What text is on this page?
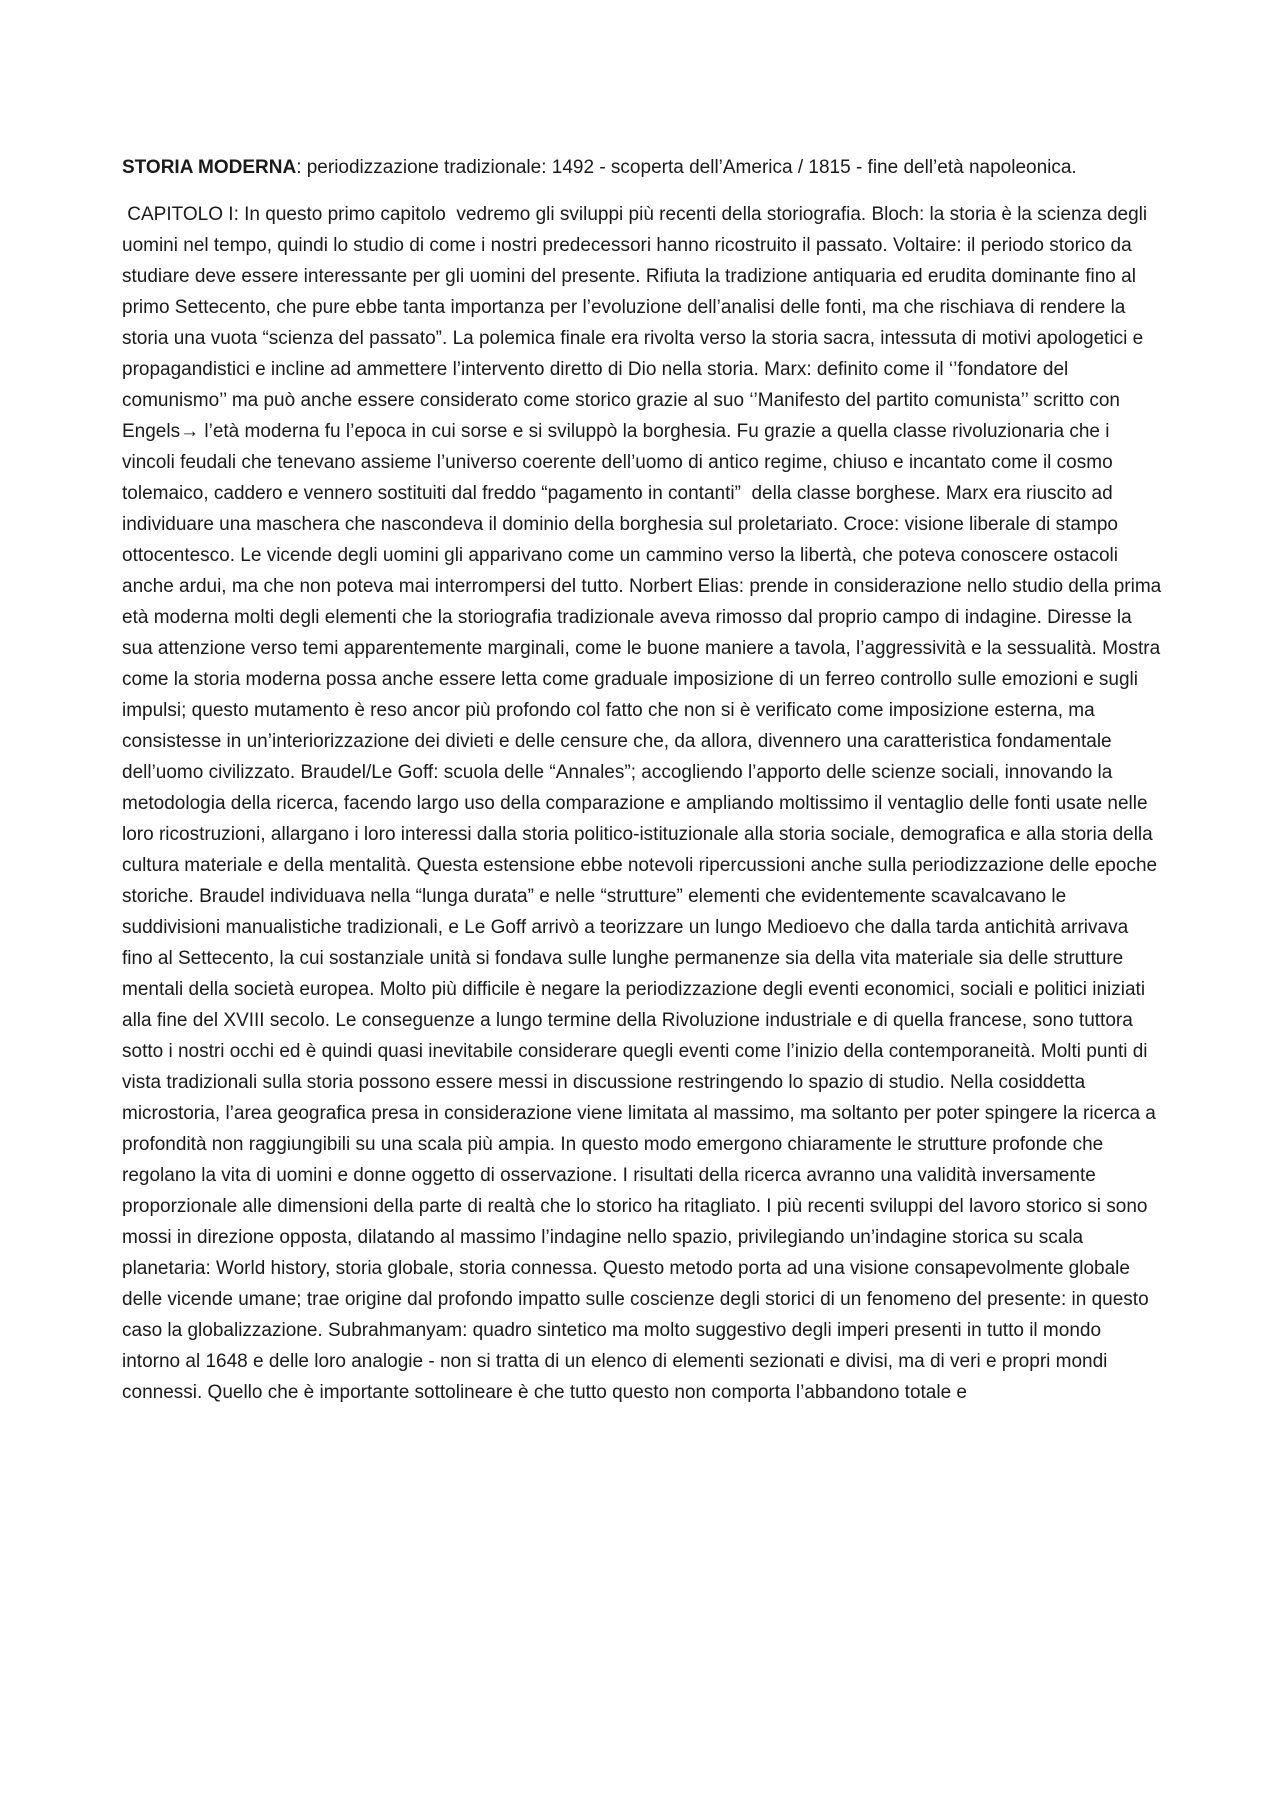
STORIA MODERNA: periodizzazione tradizionale: 1492 - scoperta dell’America / 1815 - fine dell’età napoleonica.

CAPITOLO I: In questo primo capitolo  vedremo gli sviluppi più recenti della storiografia. Bloch: la storia è la scienza degli uomini nel tempo, quindi lo studio di come i nostri predecessori hanno ricostruito il passato. Voltaire: il periodo storico da studiare deve essere interessante per gli uomini del presente. Rifiuta la tradizione antiquaria ed erudita dominante fino al primo Settecento, che pure ebbe tanta importanza per l’evoluzione dell’analisi delle fonti, ma che rischiava di rendere la storia una vuota “scienza del passato”. La polemica finale era rivolta verso la storia sacra, intessuta di motivi apologetici e propagandistici e incline ad ammettere l’intervento diretto di Dio nella storia. Marx: definito come il ‘’fondatore del comunismo’’ ma può anche essere considerato come storico grazie al suo ‘’Manifesto del partito comunista’’ scritto con Engels→ l’età moderna fu l’epoca in cui sorse e si sviluppò la borghesia. Fu grazie a quella classe rivoluzionaria che i vincoli feudali che tenevano assieme l’universo coerente dell’uomo di antico regime, chiuso e incantato come il cosmo tolemaico, caddero e vennero sostituiti dal freddo “pagamento in contanti”  della classe borghese. Marx era riuscito ad individuare una maschera che nascondeva il dominio della borghesia sul proletariato. Croce: visione liberale di stampo ottocentesco. Le vicende degli uomini gli apparivano come un cammino verso la libertà, che poteva conoscere ostacoli anche ardui, ma che non poteva mai interrompersi del tutto. Norbert Elias: prende in considerazione nello studio della prima età moderna molti degli elementi che la storiografia tradizionale aveva rimosso dal proprio campo di indagine. Diresse la sua attenzione verso temi apparentemente marginali, come le buone maniere a tavola, l’aggressività e la sessualità. Mostra come la storia moderna possa anche essere letta come graduale imposizione di un ferreo controllo sulle emozioni e sugli impulsi; questo mutamento è reso ancor più profondo col fatto che non si è verificato come imposizione esterna, ma consistesse in un’interiorizzazione dei divieti e delle censure che, da allora, divennero una caratteristica fondamentale dell’uomo civilizzato. Braudel/Le Goff: scuola delle “Annales”; accogliendo l’apporto delle scienze sociali, innovando la metodologia della ricerca, facendo largo uso della comparazione e ampliando moltissimo il ventaglio delle fonti usate nelle loro ricostruzioni, allargano i loro interessi dalla storia politico-istituzionale alla storia sociale, demografica e alla storia della cultura materiale e della mentalità. Questa estensione ebbe notevoli ripercussioni anche sulla periodizzazione delle epoche storiche. Braudel individuava nella “lunga durata” e nelle “strutture” elementi che evidentemente scavalcavano le suddivisioni manualistiche tradizionali, e Le Goff arrivò a teorizzare un lungo Medioevo che dalla tarda antichità arrivava fino al Settecento, la cui sostanziale unità si fondava sulle lunghe permanenze sia della vita materiale sia delle strutture mentali della società europea. Molto più difficile è negare la periodizzazione degli eventi economici, sociali e politici iniziati alla fine del XVIII secolo. Le conseguenze a lungo termine della Rivoluzione industriale e di quella francese, sono tuttora sotto i nostri occhi ed è quindi quasi inevitabile considerare quegli eventi come l’inizio della contemporaneità. Molti punti di vista tradizionali sulla storia possono essere messi in discussione restringendo lo spazio di studio. Nella cosiddetta microstoria, l’area geografica presa in considerazione viene limitata al massimo, ma soltanto per poter spingere la ricerca a profondità non raggiungibili su una scala più ampia. In questo modo emergono chiaramente le strutture profonde che regolano la vita di uomini e donne oggetto di osservazione. I risultati della ricerca avranno una validità inversamente proporzionale alle dimensioni della parte di realtà che lo storico ha ritagliato. I più recenti sviluppi del lavoro storico si sono mossi in direzione opposta, dilatando al massimo l’indagine nello spazio, privilegiando un’indagine storica su scala planetaria: World history, storia globale, storia connessa. Questo metodo porta ad una visione consapevolmente globale delle vicende umane; trae origine dal profondo impatto sulle coscienze degli storici di un fenomeno del presente: in questo caso la globalizzazione. Subrahmanyam: quadro sintetico ma molto suggestivo degli imperi presenti in tutto il mondo intorno al 1648 e delle loro analogie - non si tratta di un elenco di elementi sezionati e divisi, ma di veri e propri mondi connessi. Quello che è importante sottolineare è che tutto questo non comporta l’abbandono totale e
